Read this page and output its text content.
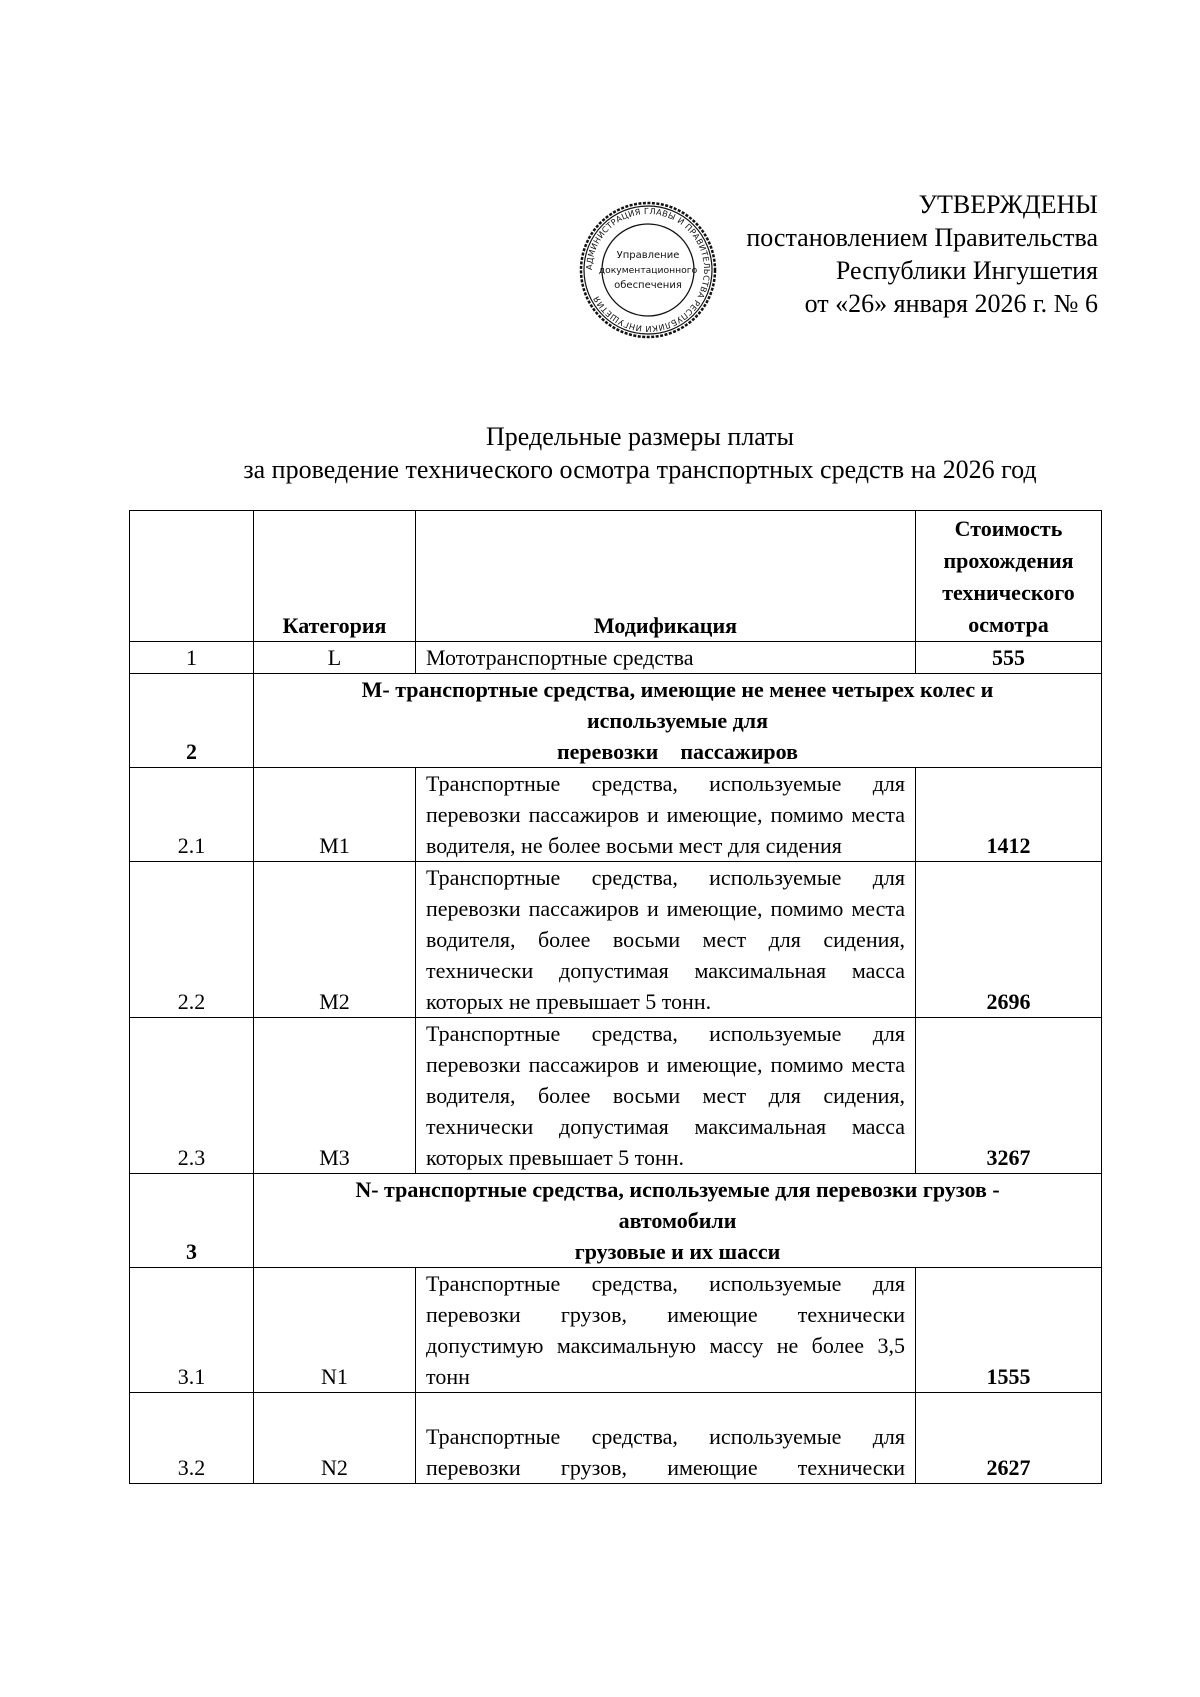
УТВЕРЖДЕНЫ
постановлением Правительства
Республики Ингушетия
от «26» января 2026 г. № 6
АДМИНИСТРАЦИЯ ГЛАВЫ И ПРАВИТЕЛЬСТВА РЕСПУБЛИКИ ИНГУШЕТИЯ
Управление
документационного
обеспечения
Предельные размеры платы
за проведение технического осмотра транспортных средств на 2026 год
	Категория	Модификация	Стоимость прохождения технического осмотра
1	L	Мототранспортные средства	555
2	М- транспортные средства, имеющие не менее четырех колес и
используемые для
перевозки    пассажиров		

2.1	М1	Транспортные средства, используемые для перевозки пассажиров и имеющие, помимо места водителя, не более восьми мест для сидения	1412
2.2	М2	Транспортные средства, используемые для перевозки пассажиров и имеющие, помимо места водителя, более восьми мест для сидения, технически допустимая максимальная масса которых не превышает 5 тонн.	2696
2.3	М3	Транспортные средства, используемые для перевозки пассажиров и имеющие, помимо места водителя, более восьми мест для сидения, технически допустимая максимальная масса которых превышает 5 тонн.	3267
3	N- транспортные средства, используемые для перевозки грузов -
автомобили
грузовые и их шасси		

3.1	N1	Транспортные средства, используемые для перевозки грузов, имеющие технически допустимую максимальную массу не более 3,5 тонн	1555
3.2	N2	Транспортные средства, используемые для перевозки грузов, имеющие технически	2627
